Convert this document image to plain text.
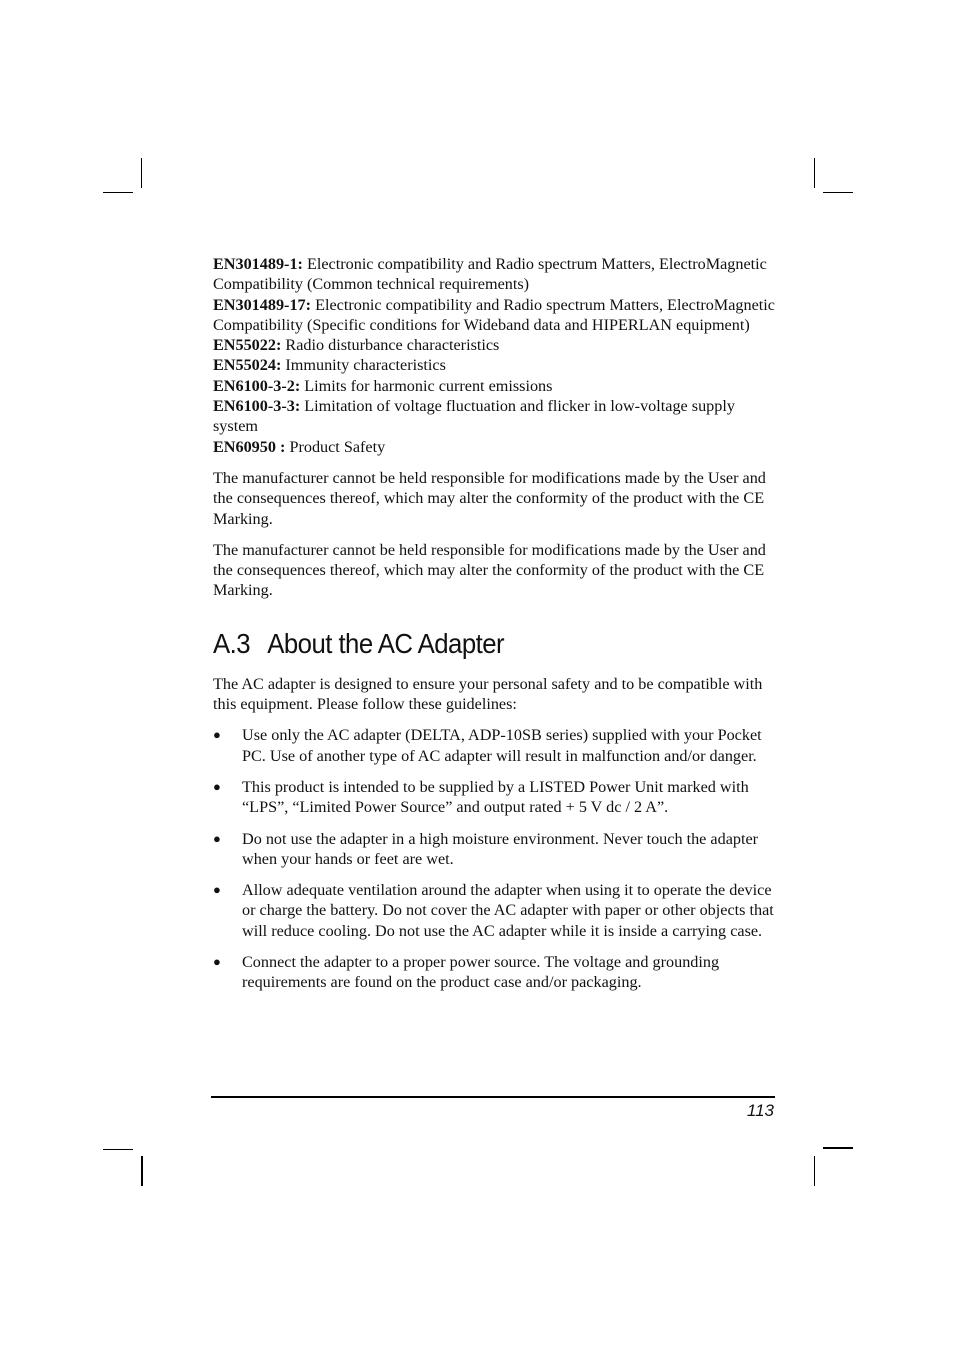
EN301489-1: Electronic compatibility and Radio spectrum Matters, ElectroMagnetic Compatibility (Common technical requirements)

EN301489-17: Electronic compatibility and Radio spectrum Matters, ElectroMagnetic Compatibility (Specific conditions for Wideband data and HIPERLAN equipment)

EN55022: Radio disturbance characteristics

EN55024: Immunity characteristics

EN6100-3-2: Limits for harmonic current emissions

EN6100-3-3: Limitation of voltage fluctuation and flicker in low-voltage supply system

EN60950 : Product Safety

The manufacturer cannot be held responsible for modifications made by the User and the consequences thereof, which may alter the conformity of the product with the CE Marking.

The manufacturer cannot be held responsible for modifications made by the User and the consequences thereof, which may alter the conformity of the product with the CE Marking.

A.3 About the AC Adapter

The AC adapter is designed to ensure your personal safety and to be compatible with this equipment. Please follow these guidelines:

● Use only the AC adapter (DELTA, ADP-10SB series) supplied with your Pocket PC. Use of another type of AC adapter will result in malfunction and/or danger.
● This product is intended to be supplied by a LISTED Power Unit marked with “LPS”, “Limited Power Source” and output rated + 5 V dc / 2 A”.
● Do not use the adapter in a high moisture environment. Never touch the adapter when your hands or feet are wet.
● Allow adequate ventilation around the adapter when using it to operate the device or charge the battery. Do not cover the AC adapter with paper or other objects that will reduce cooling. Do not use the AC adapter while it is inside a carrying case.
● Connect the adapter to a proper power source. The voltage and grounding requirements are found on the product case and/or packaging.
113
